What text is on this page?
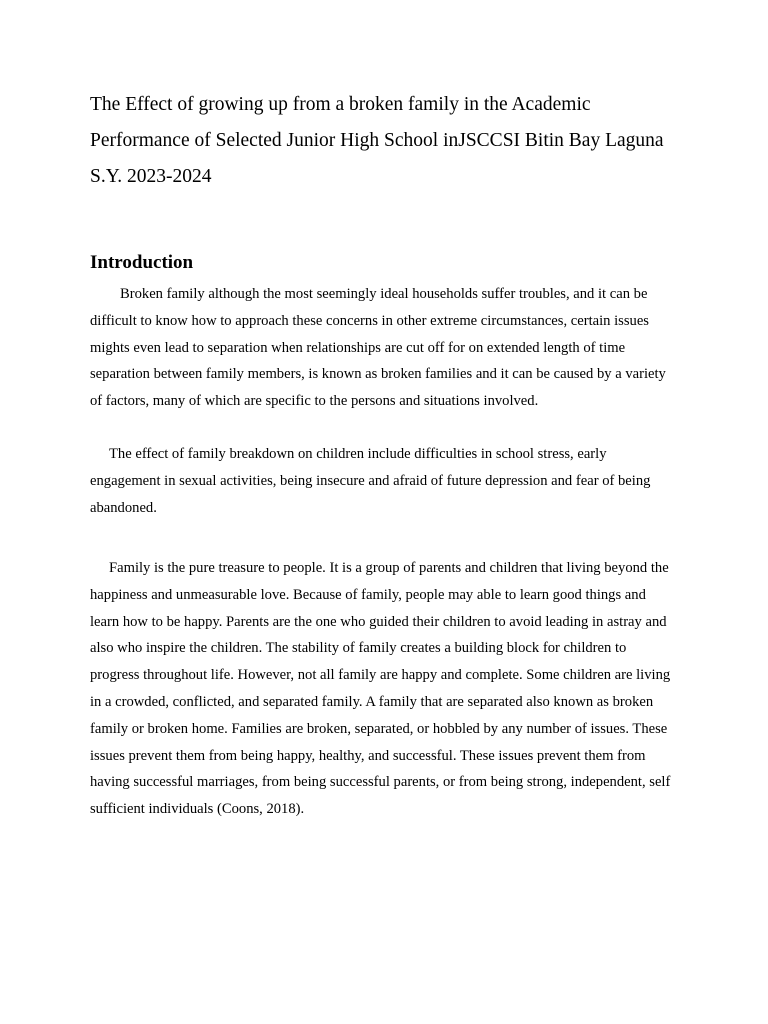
The Effect of growing up from a broken family in the Academic Performance of Selected Junior High School inJSCCSI Bitin Bay Laguna S.Y. 2023-2024
Introduction

Broken family although the most seemingly ideal households suffer troubles, and it can be difficult to know how to approach these concerns in other extreme circumstances, certain issues mights even lead to separation when relationships are cut off for on extended length of time separation between family members, is known as broken families and it can be caused by a variety of factors, many of which are specific to the persons and situations involved.

The effect of family breakdown on children include difficulties in school stress, early engagement in sexual activities, being insecure and afraid of future depression and fear of being abandoned.

Family is the pure treasure to people. It is a group of parents and children that living beyond the happiness and unmeasurable love. Because of family, people may able to learn good things and learn how to be happy. Parents are the one who guided their children to avoid leading in astray and also who inspire the children. The stability of family creates a building block for children to progress throughout life. However, not all family are happy and complete. Some children are living in a crowded, conflicted, and separated family. A family that are separated also known as broken family or broken home. Families are broken, separated, or hobbled by any number of issues. These issues prevent them from being happy, healthy, and successful. These issues prevent them from having successful marriages, from being successful parents, or from being strong, independent, self sufficient individuals (Coons, 2018).
